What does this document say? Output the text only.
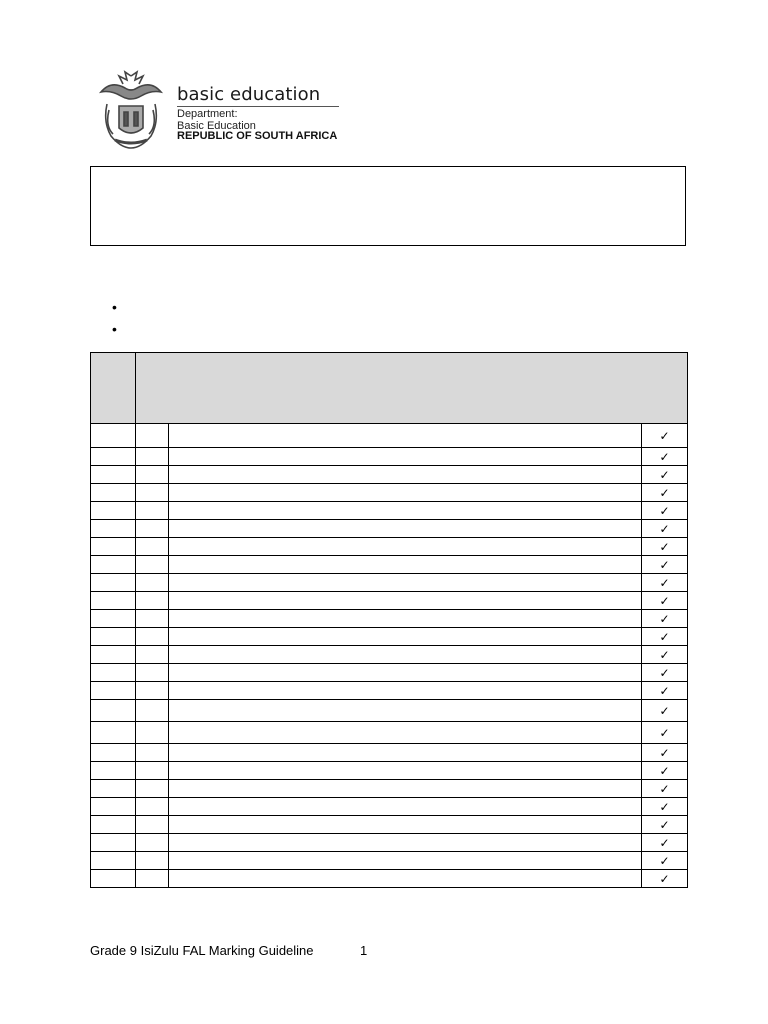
basic education
Department:
Basic Education
REPUBLIC OF SOUTH AFRICA
•
•

			✓
			✓
			✓
			✓
			✓
			✓
			✓
			✓
			✓
			✓
			✓
			✓
			✓
			✓
			✓
			✓
			✓
			✓
			✓
			✓
			✓
			✓
			✓
			✓
			✓
Grade 9 IsiZulu FAL Marking Guideline	1
